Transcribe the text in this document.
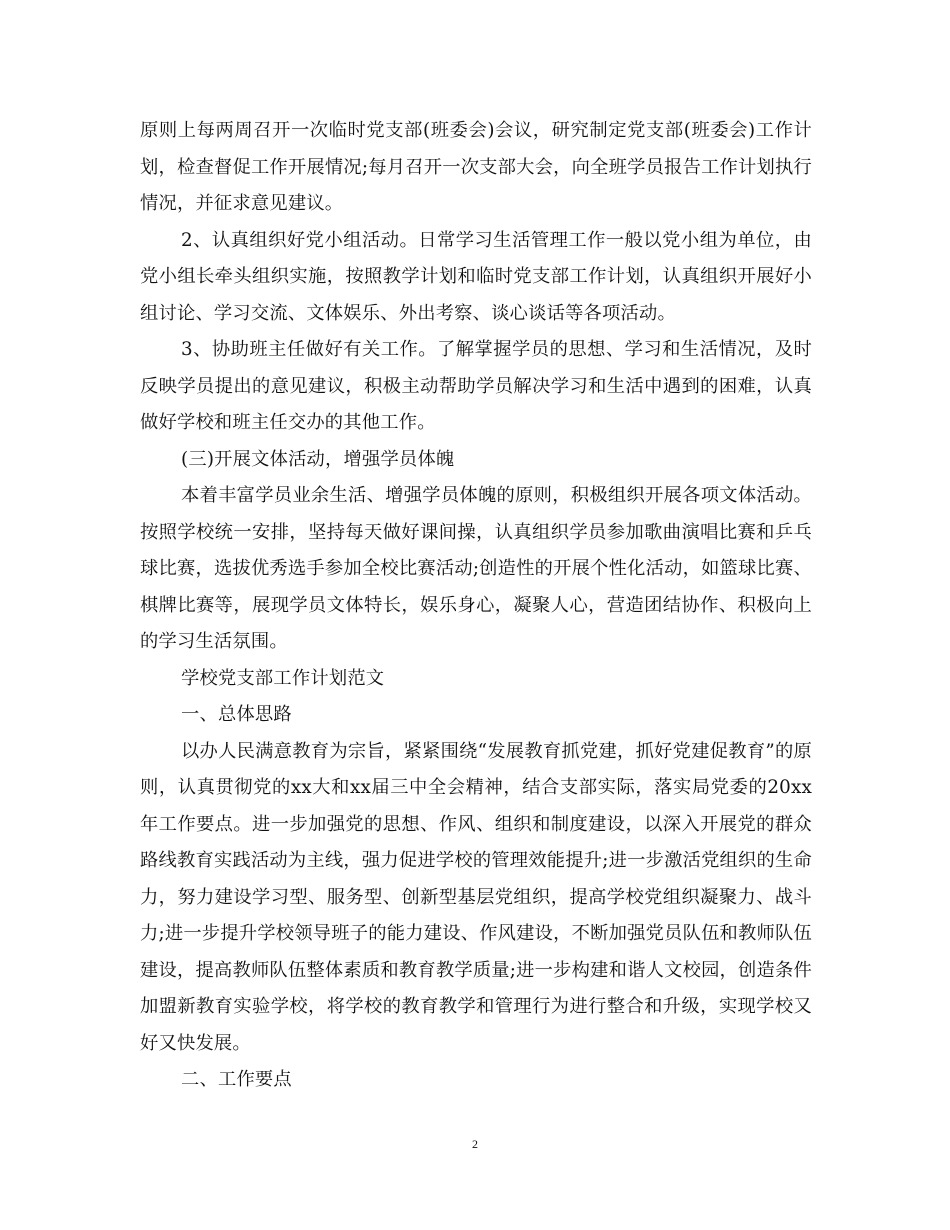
原则上每两周召开一次临时党支部(班委会)会议，研究制定党支部(班委会)工作计划，检查督促工作开展情况;每月召开一次支部大会，向全班学员报告工作计划执行情况，并征求意见建议。

2、认真组织好党小组活动。日常学习生活管理工作一般以党小组为单位，由党小组长牵头组织实施，按照教学计划和临时党支部工作计划，认真组织开展好小组讨论、学习交流、文体娱乐、外出考察、谈心谈话等各项活动。

3、协助班主任做好有关工作。了解掌握学员的思想、学习和生活情况，及时反映学员提出的意见建议，积极主动帮助学员解决学习和生活中遇到的困难，认真做好学校和班主任交办的其他工作。

(三)开展文体活动，增强学员体魄

本着丰富学员业余生活、增强学员体魄的原则，积极组织开展各项文体活动。按照学校统一安排，坚持每天做好课间操，认真组织学员参加歌曲演唱比赛和乒乓球比赛，选拔优秀选手参加全校比赛活动;创造性的开展个性化活动，如篮球比赛、棋牌比赛等，展现学员文体特长，娱乐身心，凝聚人心，营造团结协作、积极向上的学习生活氛围。

学校党支部工作计划范文

一、总体思路

以办人民满意教育为宗旨，紧紧围绕“发展教育抓党建，抓好党建促教育”的原则，认真贯彻党的xx大和xx届三中全会精神，结合支部实际，落实局党委的20xx年工作要点。进一步加强党的思想、作风、组织和制度建设，以深入开展党的群众路线教育实践活动为主线，强力促进学校的管理效能提升;进一步激活党组织的生命力，努力建设学习型、服务型、创新型基层党组织，提高学校党组织凝聚力、战斗力;进一步提升学校领导班子的能力建设、作风建设，不断加强党员队伍和教师队伍建设，提高教师队伍整体素质和教育教学质量;进一步构建和谐人文校园，创造条件加盟新教育实验学校，将学校的教育教学和管理行为进行整合和升级，实现学校又好又快发展。

二、工作要点

2
